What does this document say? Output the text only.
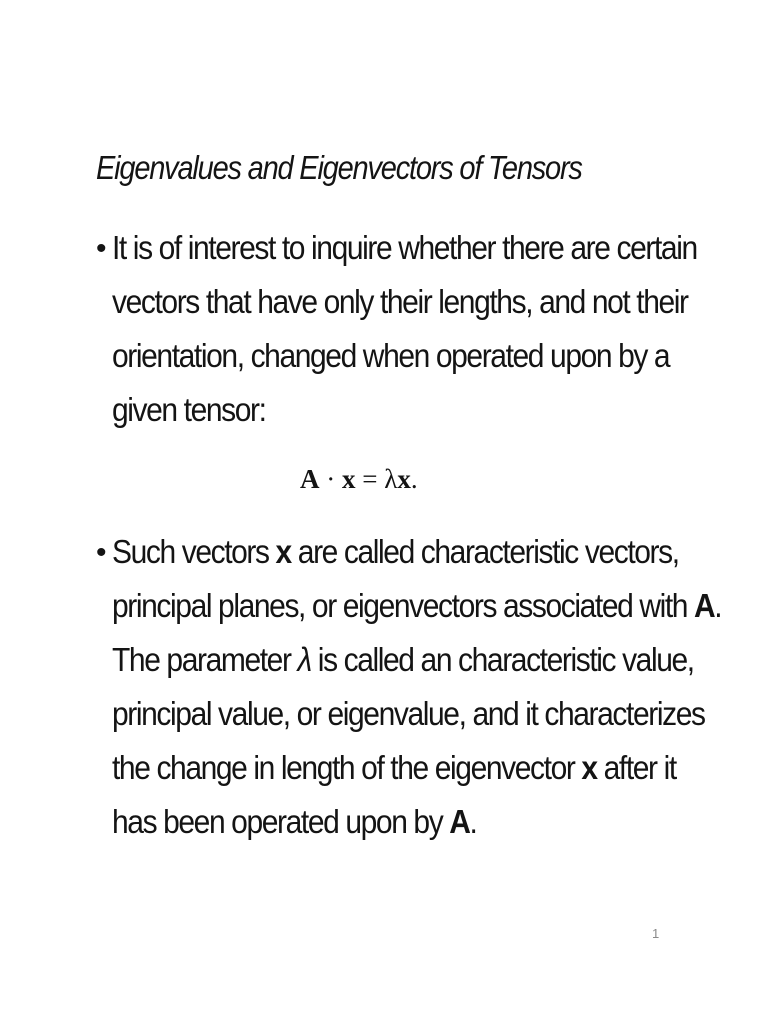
Eigenvalues and Eigenvectors of Tensors
• It is of interest to inquire whether there are certain
vectors that have only their lengths, and not their
orientation, changed when operated upon by a
given tensor:
A · x = λx.
• Such vectors x are called characteristic vectors,
principal planes, or eigenvectors associated with A.
The parameter λ is called an characteristic value,
principal value, or eigenvalue, and it characterizes
the change in length of the eigenvector x after it
has been operated upon by A.
1
